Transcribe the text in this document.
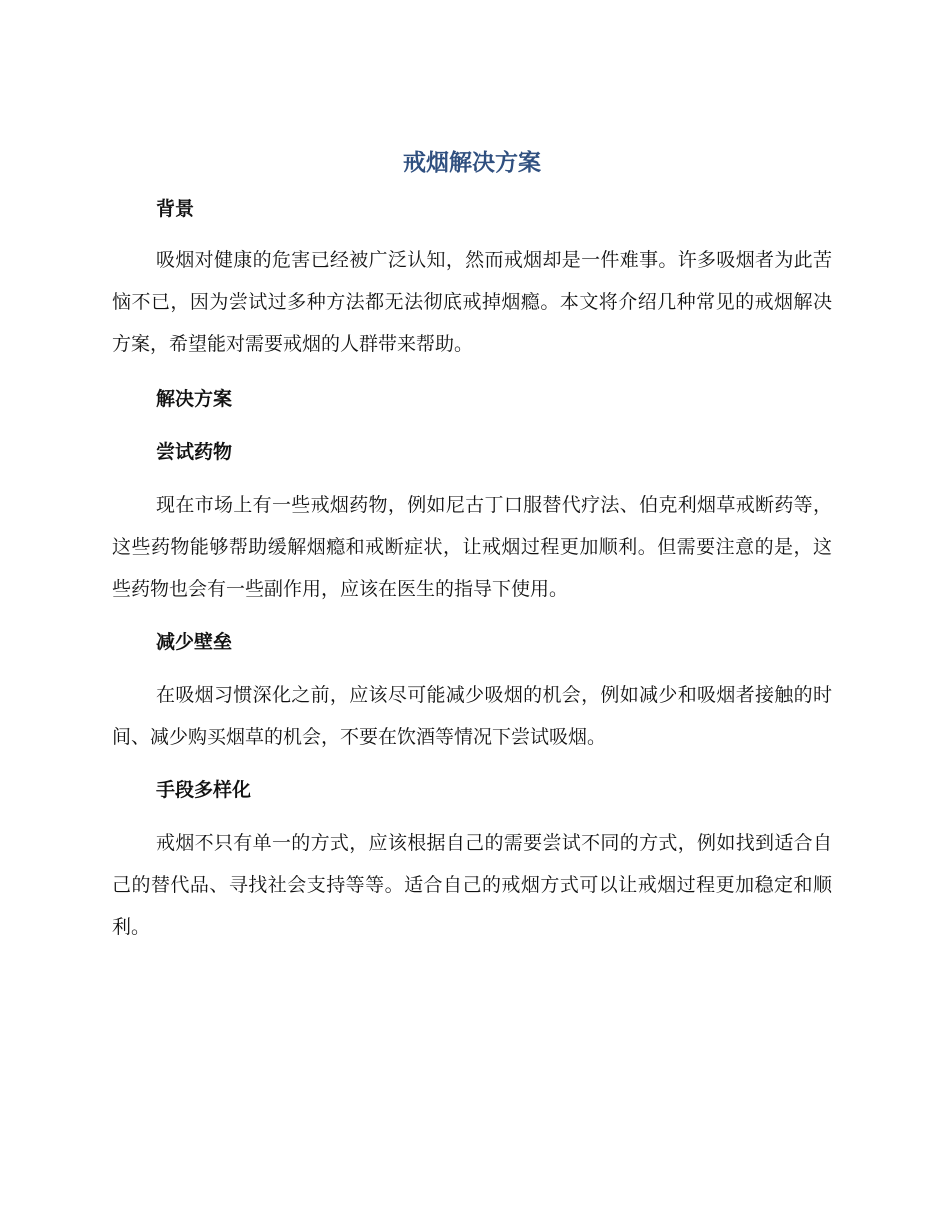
戒烟解决方案
背景

吸烟对健康的危害已经被广泛认知，然而戒烟却是一件难事。许多吸烟者为此苦恼不已，因为尝试过多种方法都无法彻底戒掉烟瘾。本文将介绍几种常见的戒烟解决方案，希望能对需要戒烟的人群带来帮助。

解决方案
尝试药物

现在市场上有一些戒烟药物，例如尼古丁口服替代疗法、伯克利烟草戒断药等，这些药物能够帮助缓解烟瘾和戒断症状，让戒烟过程更加顺利。但需要注意的是，这些药物也会有一些副作用，应该在医生的指导下使用。

减少壁垒

在吸烟习惯深化之前，应该尽可能减少吸烟的机会，例如减少和吸烟者接触的时间、减少购买烟草的机会，不要在饮酒等情况下尝试吸烟。

手段多样化

戒烟不只有单一的方式，应该根据自己的需要尝试不同的方式，例如找到适合自己的替代品、寻找社会支持等等。适合自己的戒烟方式可以让戒烟过程更加稳定和顺利。
